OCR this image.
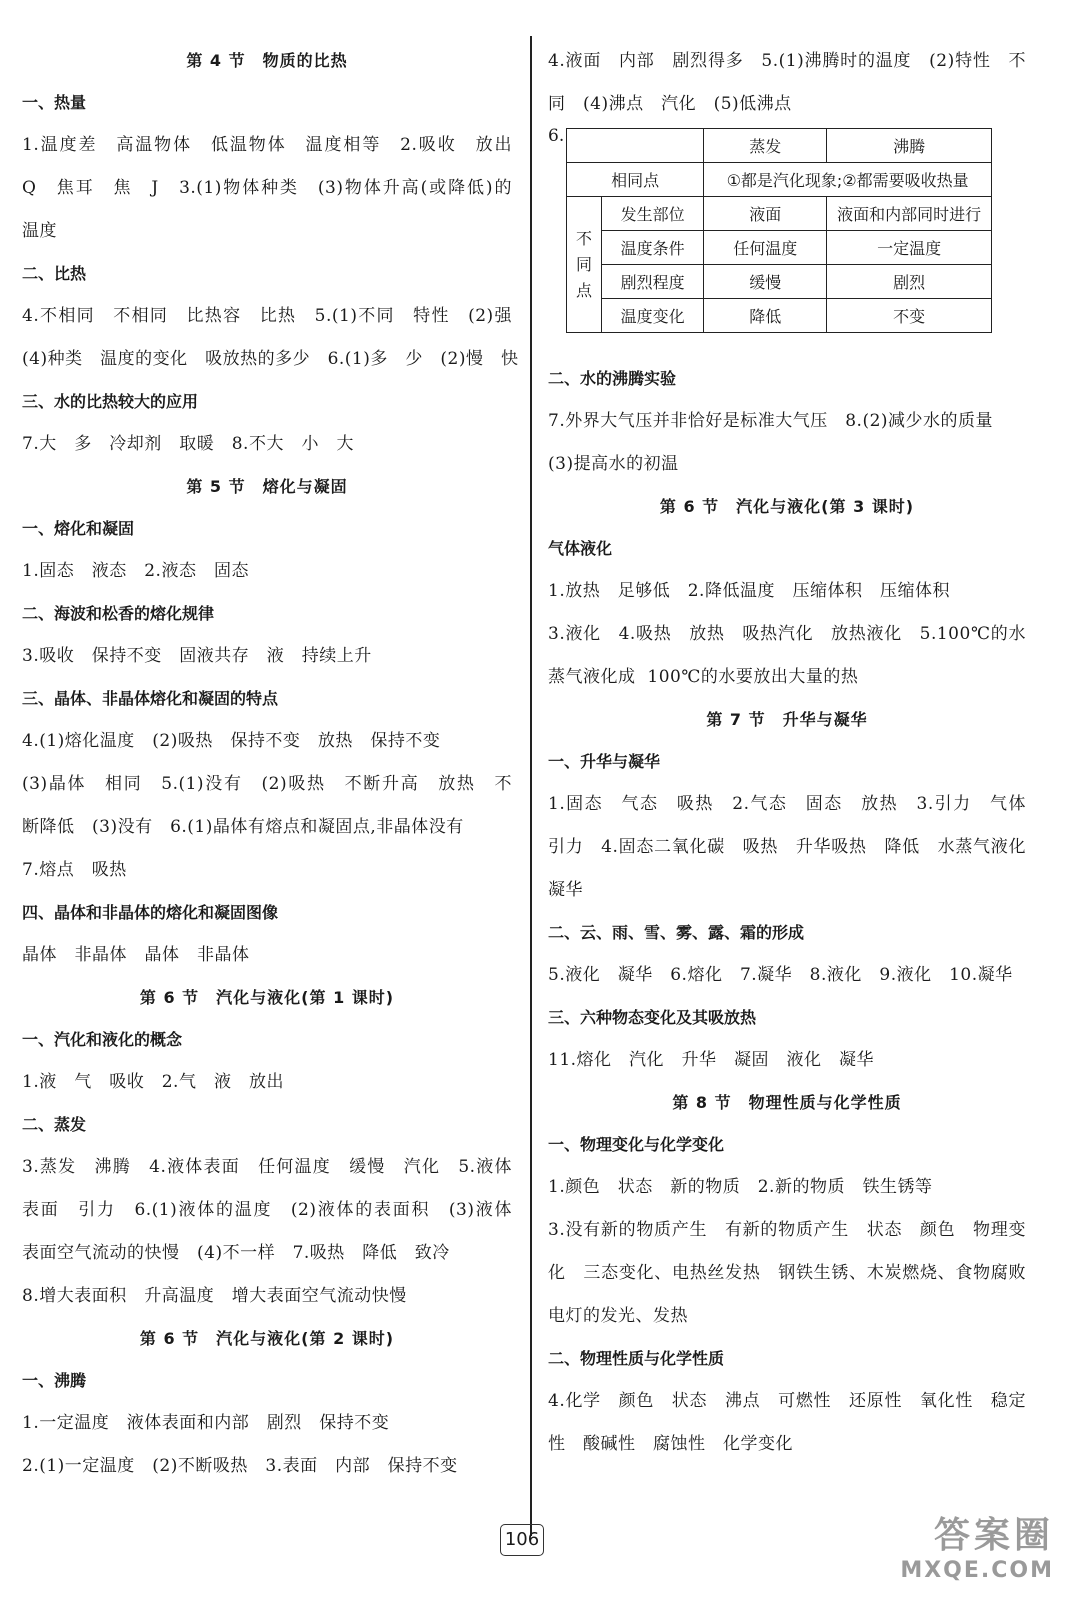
第 4 节　物质的比热
一、热量
1.温度差　高温物体　低温物体　温度相等　2.吸收　放出
Q　焦耳　焦　J　3.(1)物体种类　(3)物体升高(或降低)的
温度
二、比热
4.不相同　不相同　比热容　比热　5.(1)不同　特性　(2)强
(4)种类　温度的变化　吸放热的多少　6.(1)多　少　(2)慢　快
三、水的比热较大的应用
7.大　多　冷却剂　取暖　8.不大　小　大
第 5 节　熔化与凝固
一、熔化和凝固
1.固态　液态　2.液态　固态
二、海波和松香的熔化规律
3.吸收　保持不变　固液共存　液　持续上升
三、晶体、非晶体熔化和凝固的特点
4.(1)熔化温度　(2)吸热　保持不变　放热　保持不变
(3)晶体　相同　5.(1)没有　(2)吸热　不断升高　放热　不
断降低　(3)没有　6.(1)晶体有熔点和凝固点,非晶体没有
7.熔点　吸热
四、晶体和非晶体的熔化和凝固图像
晶体　非晶体　晶体　非晶体
第 6 节　汽化与液化(第 1 课时)
一、汽化和液化的概念
1.液　气　吸收　2.气　液　放出
二、蒸发
3.蒸发　沸腾　4.液体表面　任何温度　缓慢　汽化　5.液体
表面　引力　6.(1)液体的温度　(2)液体的表面积　(3)液体
表面空气流动的快慢　(4)不一样　7.吸热　降低　致冷
8.增大表面积　升高温度　增大表面空气流动快慢
第 6 节　汽化与液化(第 2 课时)
一、沸腾
1.一定温度　液体表面和内部　剧烈　保持不变
2.(1)一定温度　(2)不断吸热　3.表面　内部　保持不变
4.液面　内部　剧烈得多　5.(1)沸腾时的温度　(2)特性　不
同　(4)沸点　汽化　(5)低沸点
6.
		蒸发	沸腾
相同点		①都是汽化现象;②都需要吸收热量	
不
同
点	发生部位	液面	液面和内部同时进行
	温度条件	任何温度	一定温度
	剧烈程度	缓慢	剧烈
	温度变化	降低	不变
二、水的沸腾实验
7.外界大气压并非恰好是标准大气压　8.(2)减少水的质量
(3)提高水的初温
第 6 节　汽化与液化(第 3 课时)
气体液化
1.放热　足够低　2.降低温度　压缩体积　压缩体积
3.液化　4.吸热　放热　吸热汽化　放热液化　5.100℃的水
蒸气液化成 100℃的水要放出大量的热
第 7 节　升华与凝华
一、升华与凝华
1.固态　气态　吸热　2.气态　固态　放热　3.引力　气体
引力　4.固态二氧化碳　吸热　升华吸热　降低　水蒸气液化
凝华
二、云、雨、雪、雾、露、霜的形成
5.液化　凝华　6.熔化　7.凝华　8.液化　9.液化　10.凝华
三、六种物态变化及其吸放热
11.熔化　汽化　升华　凝固　液化　凝华
第 8 节　物理性质与化学性质
一、物理变化与化学变化
1.颜色　状态　新的物质　2.新的物质　铁生锈等
3.没有新的物质产生　有新的物质产生　状态　颜色　物理变
化　三态变化、电热丝发热　钢铁生锈、木炭燃烧、食物腐败
电灯的发光、发热
二、物理性质与化学性质
4.化学　颜色　状态　沸点　可燃性　还原性　氧化性　稳定
性　酸碱性　腐蚀性　化学变化
106	答案圈
MXQE.COM
